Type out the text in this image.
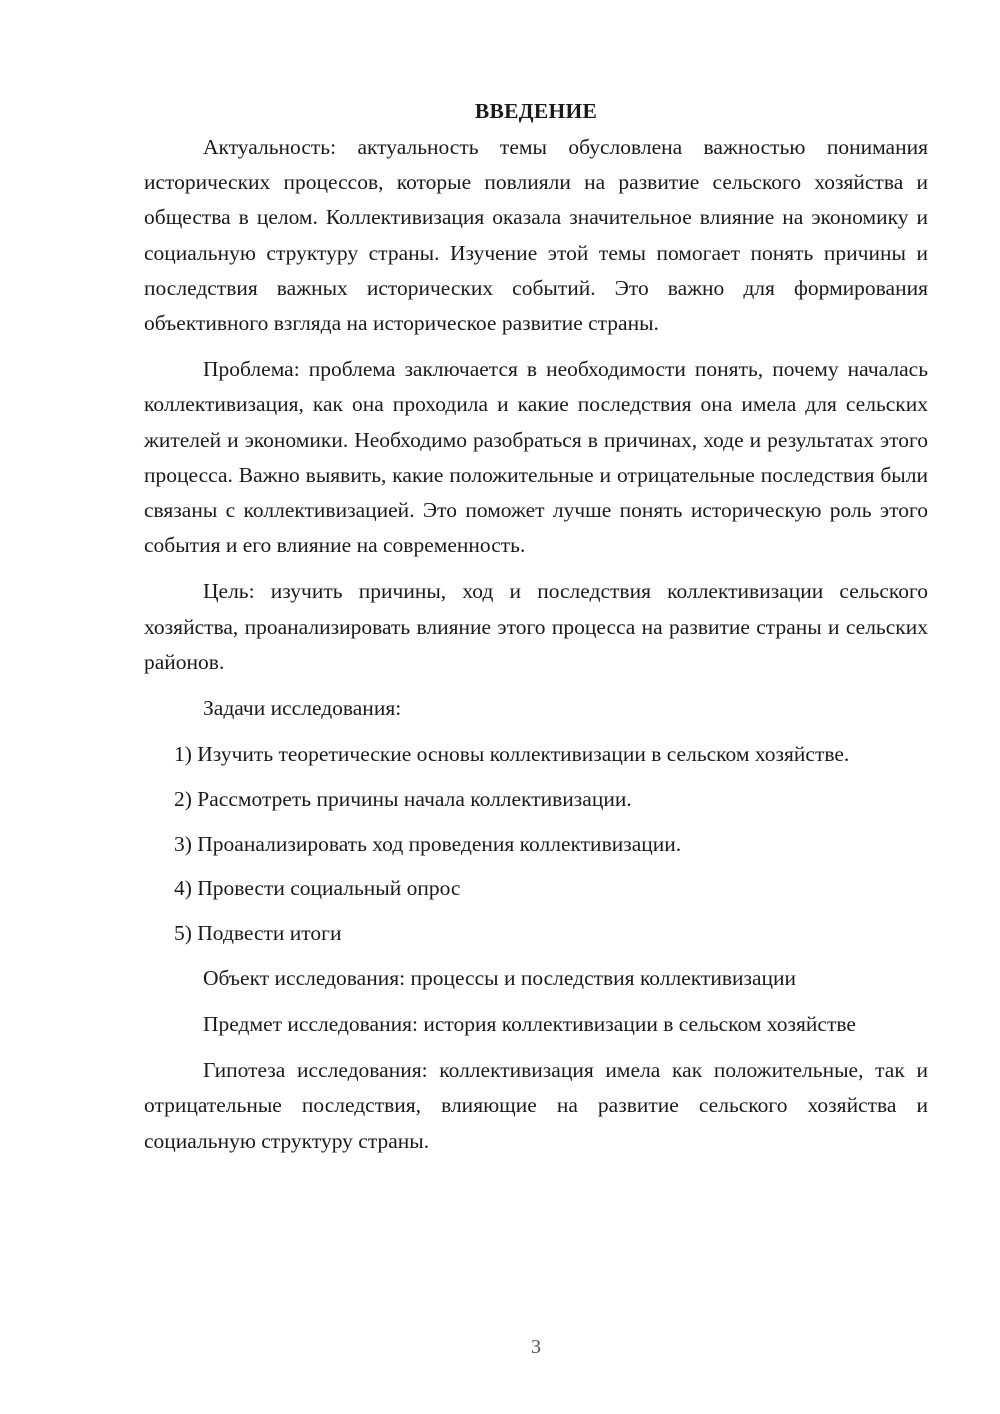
ВВЕДЕНИЕ

Актуальность: актуальность темы обусловлена важностью понимания исторических процессов, которые повлияли на развитие сельского хозяйства и общества в целом. Коллективизация оказала значительное влияние на экономику и социальную структуру страны. Изучение этой темы помогает понять причины и последствия важных исторических событий. Это важно для формирования объективного взгляда на историческое развитие страны.

Проблема: проблема заключается в необходимости понять, почему началась коллективизация, как она проходила и какие последствия она имела для сельских жителей и экономики. Необходимо разобраться в причинах, ходе и результатах этого процесса. Важно выявить, какие положительные и отрицательные последствия были связаны с коллективизацией. Это поможет лучше понять историческую роль этого события и его влияние на современность.

Цель: изучить причины, ход и последствия коллективизации сельского хозяйства, проанализировать влияние этого процесса на развитие страны и сельских районов.

Задачи исследования:

1) Изучить теоретические основы коллективизации в сельском хозяйстве.

2) Рассмотреть причины начала коллективизации.

3) Проанализировать ход проведения коллективизации.

4) Провести социальный опрос

5) Подвести итоги

Объект исследования: процессы и последствия коллективизации

Предмет исследования: история коллективизации в сельском хозяйстве

Гипотеза исследования: коллективизация имела как положительные, так и отрицательные последствия, влияющие на развитие сельского хозяйства и социальную структуру страны.

3
